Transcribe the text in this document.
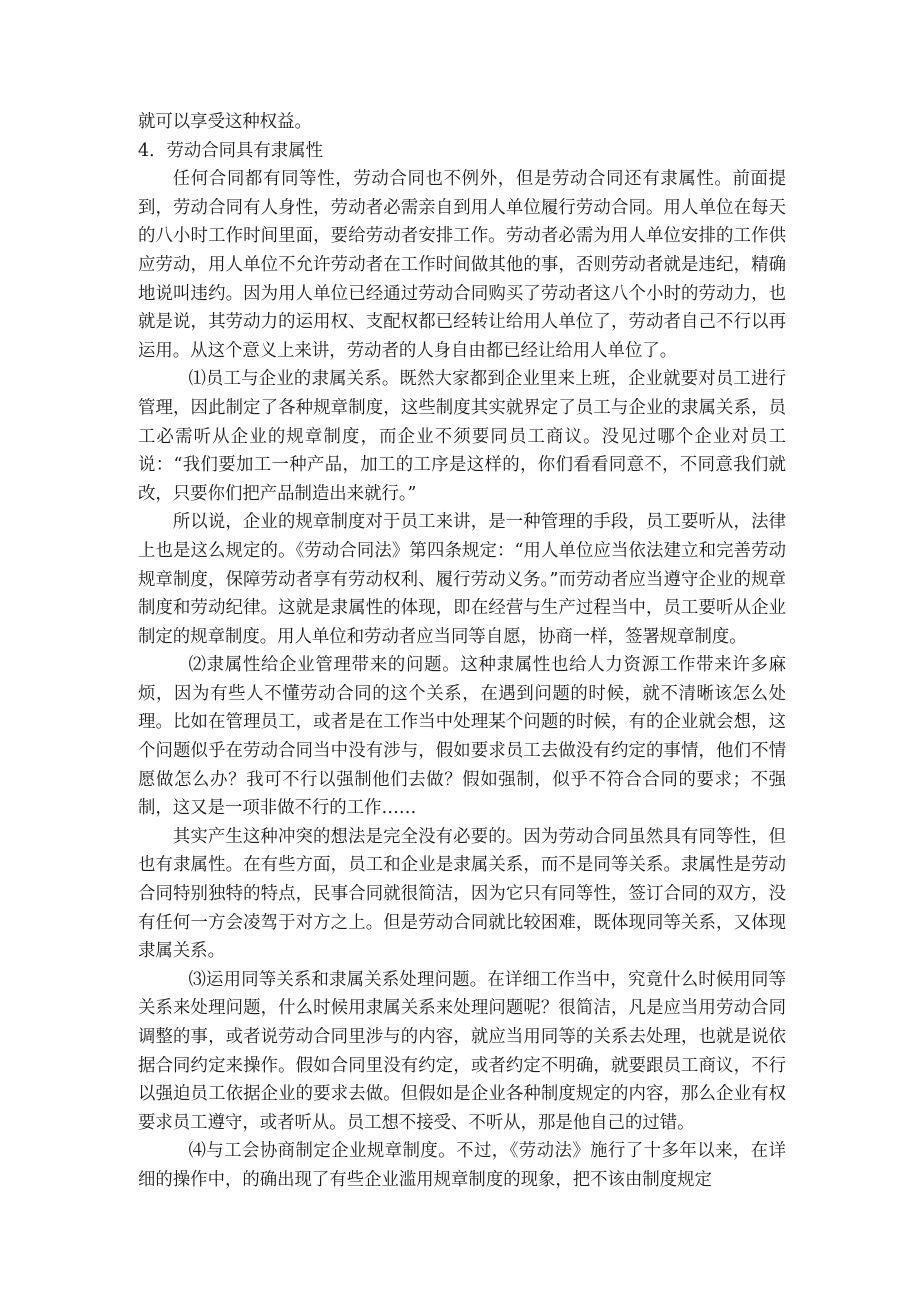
就可以享受这种权益。

4．劳动合同具有隶属性

任何合同都有同等性，劳动合同也不例外，但是劳动合同还有隶属性。前面提到，劳动合同有人身性，劳动者必需亲自到用人单位履行劳动合同。用人单位在每天的八小时工作时间里面，要给劳动者安排工作。劳动者必需为用人单位安排的工作供应劳动，用人单位不允许劳动者在工作时间做其他的事，否则劳动者就是违纪，精确地说叫违约。因为用人单位已经通过劳动合同购买了劳动者这八个小时的劳动力，也就是说，其劳动力的运用权、支配权都已经转让给用人单位了，劳动者自己不行以再运用。从这个意义上来讲，劳动者的人身自由都已经让给用人单位了。

⑴员工与企业的隶属关系。既然大家都到企业里来上班，企业就要对员工进行管理，因此制定了各种规章制度，这些制度其实就界定了员工与企业的隶属关系，员工必需听从企业的规章制度，而企业不须要同员工商议。没见过哪个企业对员工说：“我们要加工一种产品，加工的工序是这样的，你们看看同意不，不同意我们就改，只要你们把产品制造出来就行。”

所以说，企业的规章制度对于员工来讲，是一种管理的手段，员工要听从，法律上也是这么规定的。《劳动合同法》第四条规定：“用人单位应当依法建立和完善劳动规章制度，保障劳动者享有劳动权利、履行劳动义务。”而劳动者应当遵守企业的规章制度和劳动纪律。这就是隶属性的体现，即在经营与生产过程当中，员工要听从企业制定的规章制度。用人单位和劳动者应当同等自愿，协商一样，签署规章制度。

⑵隶属性给企业管理带来的问题。这种隶属性也给人力资源工作带来许多麻烦，因为有些人不懂劳动合同的这个关系，在遇到问题的时候，就不清晰该怎么处理。比如在管理员工，或者是在工作当中处理某个问题的时候，有的企业就会想，这个问题似乎在劳动合同当中没有涉与，假如要求员工去做没有约定的事情，他们不情愿做怎么办？我可不行以强制他们去做？假如强制，似乎不符合合同的要求；不强制，这又是一项非做不行的工作……

其实产生这种冲突的想法是完全没有必要的。因为劳动合同虽然具有同等性，但也有隶属性。在有些方面，员工和企业是隶属关系，而不是同等关系。隶属性是劳动合同特别独特的特点，民事合同就很简洁，因为它只有同等性，签订合同的双方，没有任何一方会凌驾于对方之上。但是劳动合同就比较困难，既体现同等关系，又体现隶属关系。

⑶运用同等关系和隶属关系处理问题。在详细工作当中，究竟什么时候用同等关系来处理问题，什么时候用隶属关系来处理问题呢？很简洁，凡是应当用劳动合同调整的事，或者说劳动合同里涉与的内容，就应当用同等的关系去处理，也就是说依据合同约定来操作。假如合同里没有约定，或者约定不明确，就要跟员工商议，不行以强迫员工依据企业的要求去做。但假如是企业各种制度规定的内容，那么企业有权要求员工遵守，或者听从。员工想不接受、不听从，那是他自己的过错。

⑷与工会协商制定企业规章制度。不过，《劳动法》施行了十多年以来，在详细的操作中，的确出现了有些企业滥用规章制度的现象，把不该由制度规定
